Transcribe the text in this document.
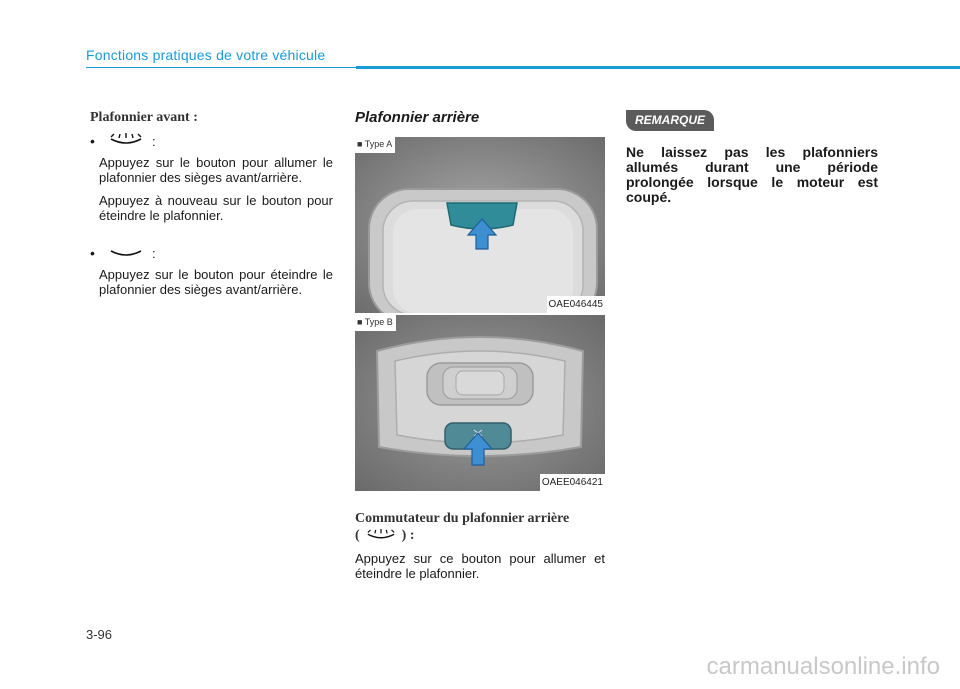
Fonctions pratiques de votre véhicule
Plafonnier avant :
•	:
Appuyez sur le bouton pour allumer le plafonnier des sièges avant/arrière.
Appuyez à nouveau sur le bouton pour éteindre le plafonnier.
•	:
Appuyez sur le bouton pour éteindre le plafonnier des sièges avant/arrière.
Plafonnier arrière
■ Type A
OAE046445
■ Type B
OAEE046421
Commutateur du plafonnier arrière
(	) :
Appuyez sur ce bouton pour allumer et éteindre le plafonnier.
REMARQUE
Ne laissez pas les plafonniers allumés durant une période prolongée lorsque le moteur est coupé.
3-96
carmanualsonline.info
